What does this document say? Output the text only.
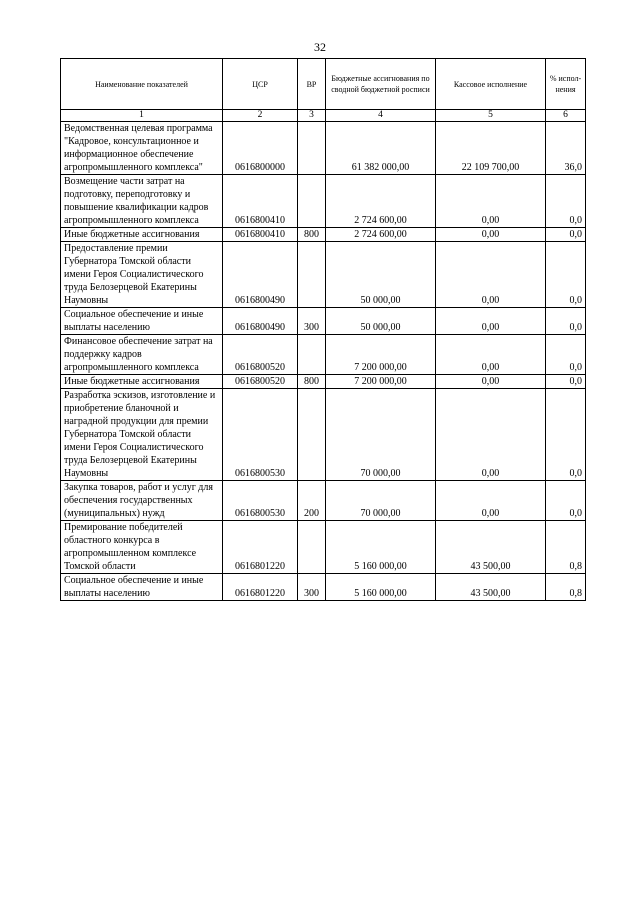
32
Наименование показателей	ЦСР	ВР	Бюджетные ассигнования по сводной бюджетной росписи	Кассовое исполнение	% испол-нения
1	2	3	4	5	6
Ведомственная целевая программа "Кадровое, консультационное и информационное обеспечение агропромышленного комплекса"	0616800000		61 382 000,00	22 109 700,00	36,0
Возмещение части затрат на подготовку, переподготовку и повышение квалификации кадров агропромышленного комплекса	0616800410		2 724 600,00	0,00	0,0
Иные бюджетные ассигнования	0616800410	800	2 724 600,00	0,00	0,0
Предоставление премии Губернатора Томской области имени Героя Социалистического труда Белозерцевой Екатерины Наумовны	0616800490		50 000,00	0,00	0,0
Социальное обеспечение и иные выплаты населению	0616800490	300	50 000,00	0,00	0,0
Финансовое обеспечение затрат на поддержку кадров агропромышленного комплекса	0616800520		7 200 000,00	0,00	0,0
Иные бюджетные ассигнования	0616800520	800	7 200 000,00	0,00	0,0
Разработка эскизов, изготовление и приобретение бланочной и наградной продукции для премии Губернатора Томской области имени Героя Социалистического труда Белозерцевой Екатерины Наумовны	0616800530		70 000,00	0,00	0,0
Закупка товаров, работ и услуг для обеспечения государственных (муниципальных) нужд	0616800530	200	70 000,00	0,00	0,0
Премирование победителей областного конкурса в агропромышленном комплексе Томской области	0616801220		5 160 000,00	43 500,00	0,8
Социальное обеспечение и иные выплаты населению	0616801220	300	5 160 000,00	43 500,00	0,8
